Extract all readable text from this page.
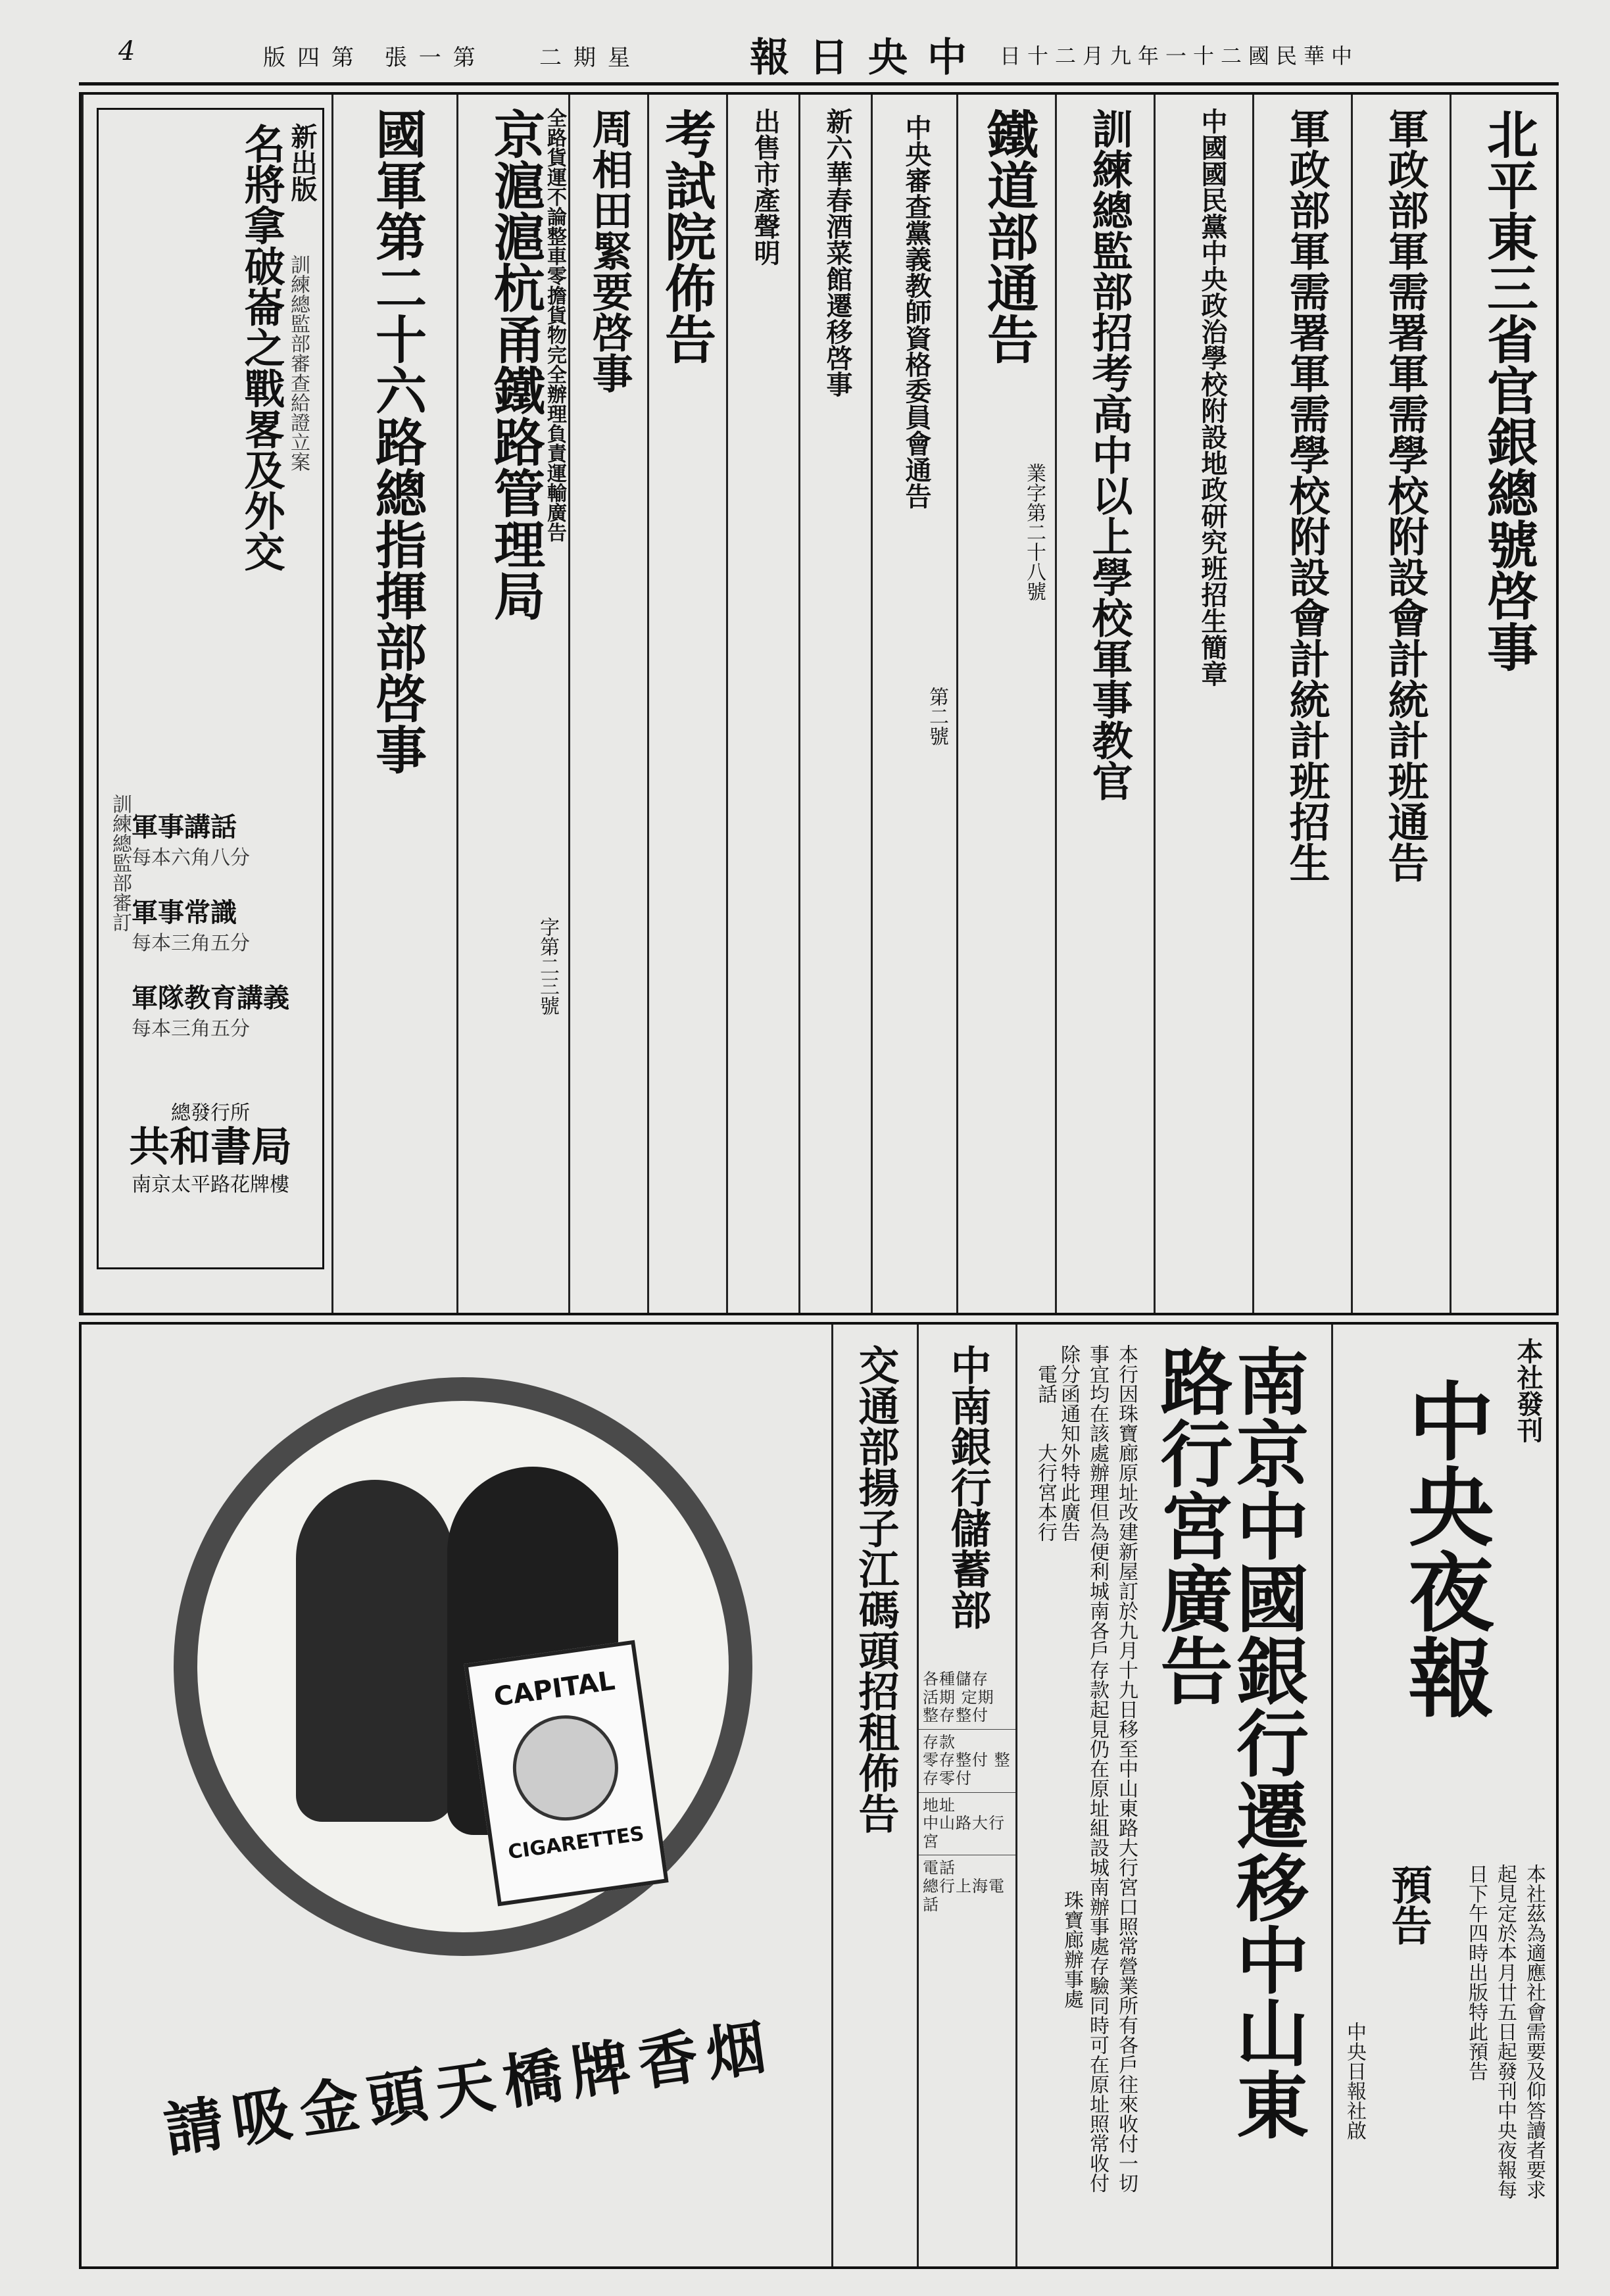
4	版四第 張一第 二期星	報日央中 日十二月九年一十二國民華中
北平東三省官銀總號啓事
軍政部軍需署軍需學校附設會計統計班通告
軍政部軍需署軍需學校附設會計統計班招生
中國國民黨中央政治學校附設地政研究班招生簡章
訓練總監部招考高中以上學校軍事教官
鐵道部通告
業字第二十八號
中央審查黨義教師資格委員會通告
第二號
新六華春酒菜館遷移啓事
出售市產聲明
考試院佈告
周相田緊要啓事
京滬滬杭甬鐵路管理局
全路貨運不論整車零擔貨物完全辦理負責運輸廣告
字第二三號
國軍第二十六路總指揮部啓事
新出版
訓練總監部審查給證立案
名將拿破崙之戰畧及外交
訓練總監部審訂 軍事講話
每本六角八分
軍事常識
每本三角五分
軍隊教育講義
每本三角五分
總發行所
共和書局
南京太平路花牌樓
本社發刊
中央夜報
預告	本社茲為適應社會需要及仰答讀者要求起見定於本月廿五日起發刊中央夜報每日下午四時出版特此預告
中央日報社啟
南京中國銀行遷移中山東路行宮廣告
本行因珠寶廊原址改建新屋訂於九月十九日移至中山東路大行宮口照常營業所有各戶往來收付一切事宜均在該處辦理但為便利城南各戶存款起見仍在原址組設城南辦事處存驗同時可在原址照常收付除分函通知外特此廣告
電話
大行宮本行
珠寶廊辦事處
中南銀行儲蓄部
各種儲存
活期 定期 整存整付
存款
零存整付 整存零付
地址
中山路大行宮
電話
總行上海電話
交通部揚子江碼頭招租佈告
CAPITAL
CIGARETTES
請吸金頭天橋牌香烟
